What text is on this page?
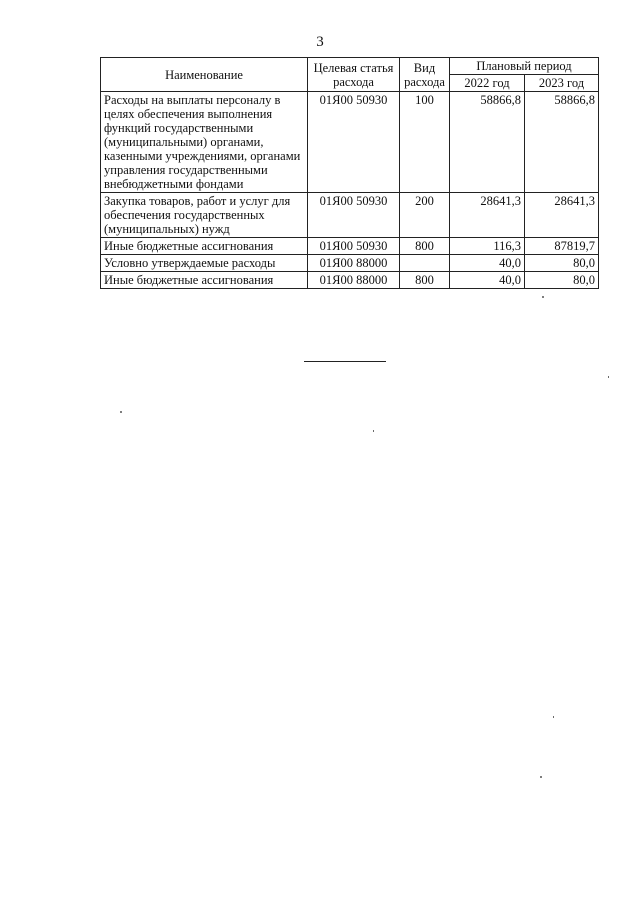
3
Наименование	Целевая статья расхода	Вид расхода	Плановый период	
			2022 год	2023 год
Расходы на выплаты персоналу в целях обеспечения выполнения функций государственными (муниципальными) органами, казенными учреждениями, органами управления государственными внебюджетными фондами	01Я00 50930	100	58866,8	58866,8
Закупка товаров, работ и услуг для обеспечения государственных (муниципальных) нужд	01Я00 50930	200	28641,3	28641,3
Иные бюджетные ассигнования	01Я00 50930	800	116,3	87819,7
Условно утверждаемые расходы	01Я00 88000		40,0	80,0
Иные бюджетные ассигнования	01Я00 88000	800	40,0	80,0
